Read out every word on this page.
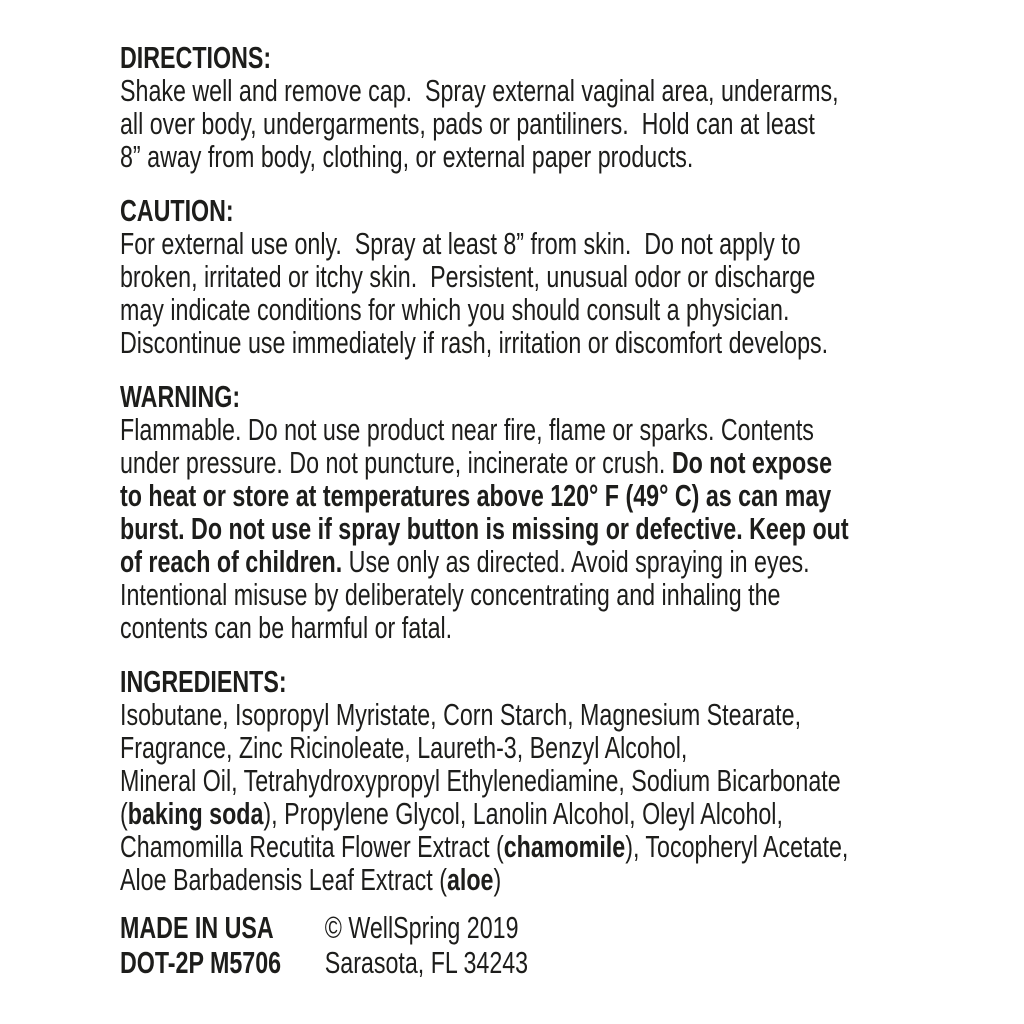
DIRECTIONS:
Shake well and remove cap.  Spray external vaginal area, underarms,
all over body, undergarments, pads or pantiliners.  Hold can at least
8” away from body, clothing, or external paper products.
CAUTION:
For external use only.  Spray at least 8” from skin.  Do not apply to
broken, irritated or itchy skin.  Persistent, unusual odor or discharge
may indicate conditions for which you should consult a physician.
Discontinue use immediately if rash, irritation or discomfort develops.
WARNING:
Flammable. Do not use product near fire, flame or sparks. Contents
under pressure. Do not puncture, incinerate or crush. Do not expose
to heat or store at temperatures above 120° F (49° C) as can may
burst. Do not use if spray button is missing or defective. Keep out
of reach of children. Use only as directed. Avoid spraying in eyes.
Intentional misuse by deliberately concentrating and inhaling the
contents can be harmful or fatal.
INGREDIENTS:
Isobutane, Isopropyl Myristate, Corn Starch, Magnesium Stearate,
Fragrance, Zinc Ricinoleate, Laureth-3, Benzyl Alcohol,
Mineral Oil, Tetrahydroxypropyl Ethylenediamine, Sodium Bicarbonate
(baking soda), Propylene Glycol, Lanolin Alcohol, Oleyl Alcohol,
Chamomilla Recutita Flower Extract (chamomile), Tocopheryl Acetate,
Aloe Barbadensis Leaf Extract (aloe)
MADE IN USA © WellSpring 2019
DOT-2P M5706 Sarasota, FL 34243
